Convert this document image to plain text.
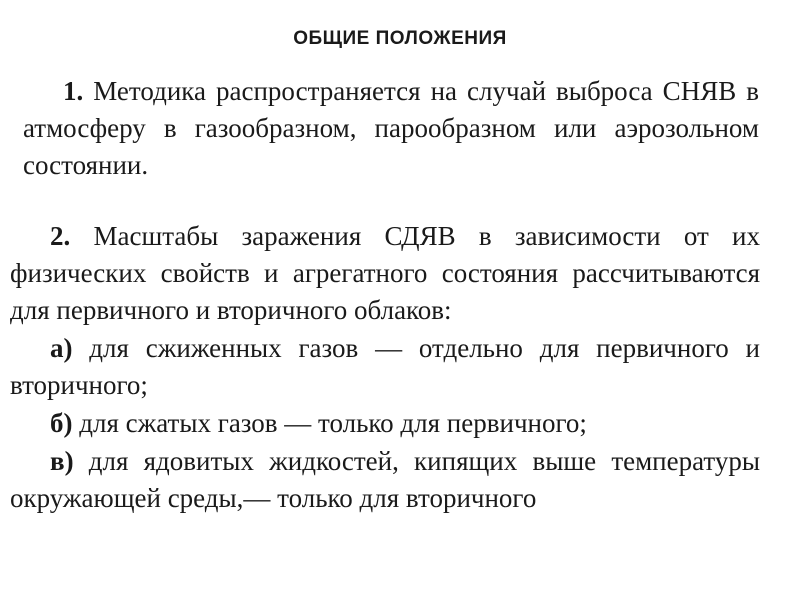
ОБЩИЕ ПОЛОЖЕНИЯ

1. Методика распространяется на случай выброса СНЯВ в атмосферу в газообразном, парообразном или аэрозольном состоянии.

2. Масштабы заражения СДЯВ в зависимости от их физических свойств и агрегатного состояния рассчитываются для первичного и вторичного облаков:

а) для сжиженных газов — отдельно для первичного и вторичного;

б) для сжатых газов — только для первичного;

в) для ядовитых жидкостей, кипящих выше температуры окружающей среды,— только для вторичного
